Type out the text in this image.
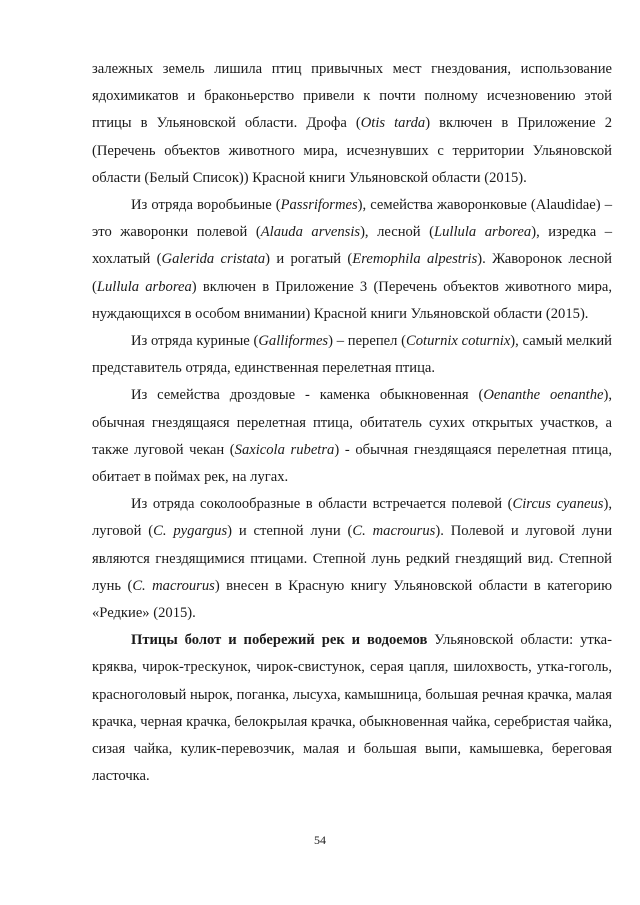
залежных земель лишила птиц привычных мест гнездования, использование ядохимикатов и браконьерство привели к почти полному исчезновению этой птицы в Ульяновской области. Дрофа (Otis tarda) включен в Приложение 2 (Перечень объектов животного мира, исчезнувших с территории Ульяновской области (Белый Список)) Красной книги Ульяновской области (2015).

Из отряда воробьиные (Passriformes), семейства жаворонковые (Alaudidae) – это жаворонки полевой (Alauda arvensis), лесной (Lullula arborea), изредка – хохлатый (Galerida cristata) и рогатый (Eremophila alpestris). Жаворонок лесной (Lullula arborea) включен в Приложение 3 (Перечень объектов животного мира, нуждающихся в особом внимании) Красной книги Ульяновской области (2015).

Из отряда куриные (Galliformes) – перепел (Coturnix coturnix), самый мелкий представитель отряда, единственная перелетная птица.

Из семейства дроздовые - каменка обыкновенная (Oenanthe oenanthe), обычная гнездящаяся перелетная птица, обитатель сухих открытых участков, а также луговой чекан (Saxicola rubetra) - обычная гнездящаяся перелетная птица, обитает в поймах рек, на лугах.

Из отряда соколообразные в области встречается полевой (Circus cyaneus), луговой (C. pygargus) и степной луни (C. macrourus). Полевой и луговой луни являются гнездящимися птицами. Степной лунь редкий гнездящий вид. Степной лунь (C. macrourus) внесен в Красную книгу Ульяновской области в категорию «Редкие» (2015).

Птицы болот и побережий рек и водоемов Ульяновской области: утка-кряква, чирок-трескунок, чирок-свистунок, серая цапля, шилохвость, утка-гоголь, красноголовый нырок, поганка, лысуха, камышница, большая речная крачка, малая крачка, черная крачка, белокрылая крачка, обыкновенная чайка, серебристая чайка, сизая чайка, кулик-перевозчик, малая и большая выпи, камышевка, береговая ласточка.

54
